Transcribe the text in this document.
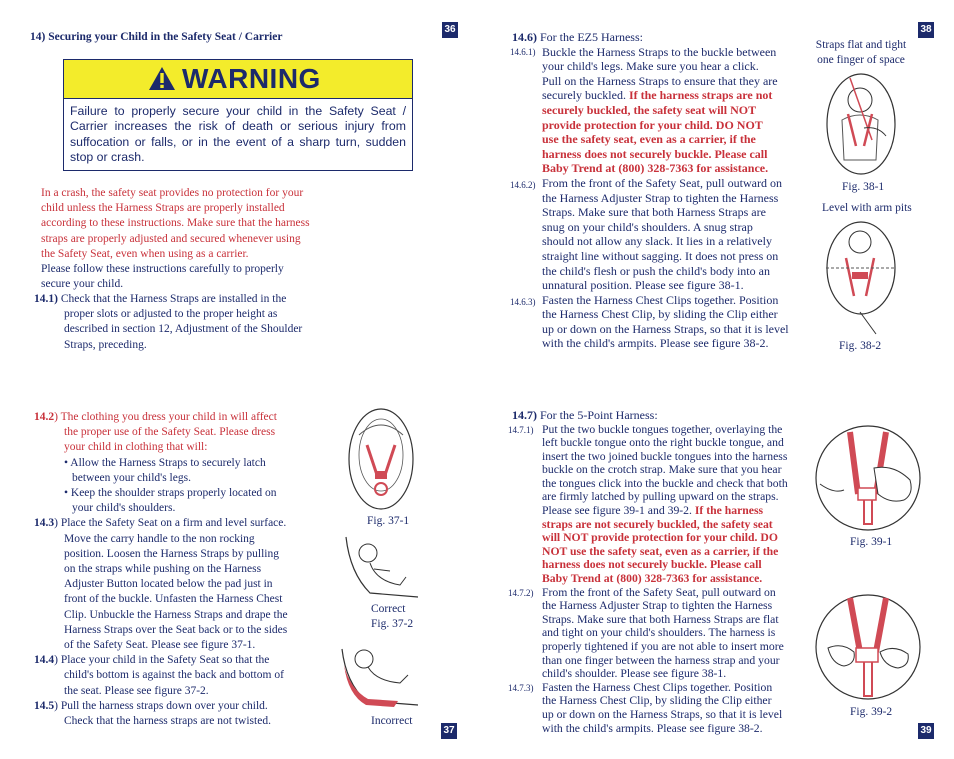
36
37
38
39
14) Securing your Child in the Safety Seat / Carrier
WARNING
Failure to properly secure your child in the Safety Seat / Carrier increases the risk of death or serious injury from suffocation or falls, or in the event of a sharp turn, sudden stop or crash.
In a crash, the safety seat provides no protection for your
child unless the Harness Straps are properly installed
according to these instructions. Make sure that the harness
straps are properly adjusted and secured whenever using
the Safety Seat, even when using as a carrier.
Please follow these instructions carefully to properly
secure your child.
14.1) Check that the Harness Straps are installed in the
proper slots or adjusted to the proper height as
described in section 12, Adjustment of the Shoulder
Straps, preceding.
14.2) The clothing you dress your child in will affect
the proper use of the Safety Seat. Please dress
your child in clothing that will:
• Allow the Harness Straps to securely latch
between your child's legs.
• Keep the shoulder straps properly located on
your child's shoulders.
14.3) Place the Safety Seat on a firm and level surface.
Move the carry handle to the non rocking
position. Loosen the Harness Straps by pulling
on the straps while pushing on the Harness
Adjuster Button located below the pad just in
front of the buckle. Unfasten the Harness Chest
Clip. Unbuckle the Harness Straps and drape the
Harness Straps over the Seat back or to the sides
of the Safety Seat. Please see figure 37-1.
14.4) Place your child in the Safety Seat so that the
child's bottom is against the back and bottom of
the seat. Please see figure 37-2.
14.5) Pull the harness straps down over your child.
Check that the harness straps are not twisted.
Fig. 37-1
Correct
Fig. 37-2
Incorrect
14.6) For the EZ5 Harness:
14.6.1) Buckle the Harness Straps to the buckle between
your child's legs. Make sure you hear a click.
Pull on the Harness Straps to ensure that they are
securely buckled. If the harness straps are not
securely buckled, the safety seat will NOT
provide protection for your child. DO NOT
use the safety seat, even as a carrier, if the
harness does not securely buckle. Please call
Baby Trend at (800) 328-7363 for assistance.
14.6.2) From the front of the Safety Seat, pull outward on
the Harness Adjuster Strap to tighten the Harness
Straps. Make sure that both Harness Straps are
snug on your child's shoulders. A snug strap
should not allow any slack. It lies in a relatively
straight line without sagging. It does not press on
the child's flesh or push the child's body into an
unnatural position. Please see figure 38-1.
14.6.3) Fasten the Harness Chest Clips together. Position
the Harness Chest Clip, by sliding the Clip either
up or down on the Harness Straps, so that it is level
with the child's armpits. Please see figure 38-2.
Straps flat and tight
one finger of space
Fig. 38-1
Level with arm pits
Fig. 38-2
14.7) For the 5-Point Harness:
14.7.1) Put the two buckle tongues together, overlaying the
left buckle tongue onto the right buckle tongue, and
insert the two joined buckle tongues into the harness
buckle on the crotch strap. Make sure that you hear
the tongues click into the buckle and check that both
are firmly latched by pulling upward on the straps.
Please see figure 39-1 and 39-2. If the harness
straps are not securely buckled, the safety seat
will NOT provide protection for your child. DO
NOT use the safety seat, even as a carrier, if the
harness does not securely buckle. Please call
Baby Trend at (800) 328-7363 for assistance.
14.7.2) From the front of the Safety Seat, pull outward on
the Harness Adjuster Strap to tighten the Harness
Straps. Make sure that both Harness Straps are flat
and tight on your child's shoulders. The harness is
properly tightened if you are not able to insert more
than one finger between the harness strap and your
child's shoulder. Please see figure 38-1.
14.7.3) Fasten the Harness Chest Clips together. Position
the Harness Chest Clip, by sliding the Clip either
up or down on the Harness Straps, so that it is level
with the child's armpits. Please see figure 38-2.
Fig. 39-1
Fig. 39-2
